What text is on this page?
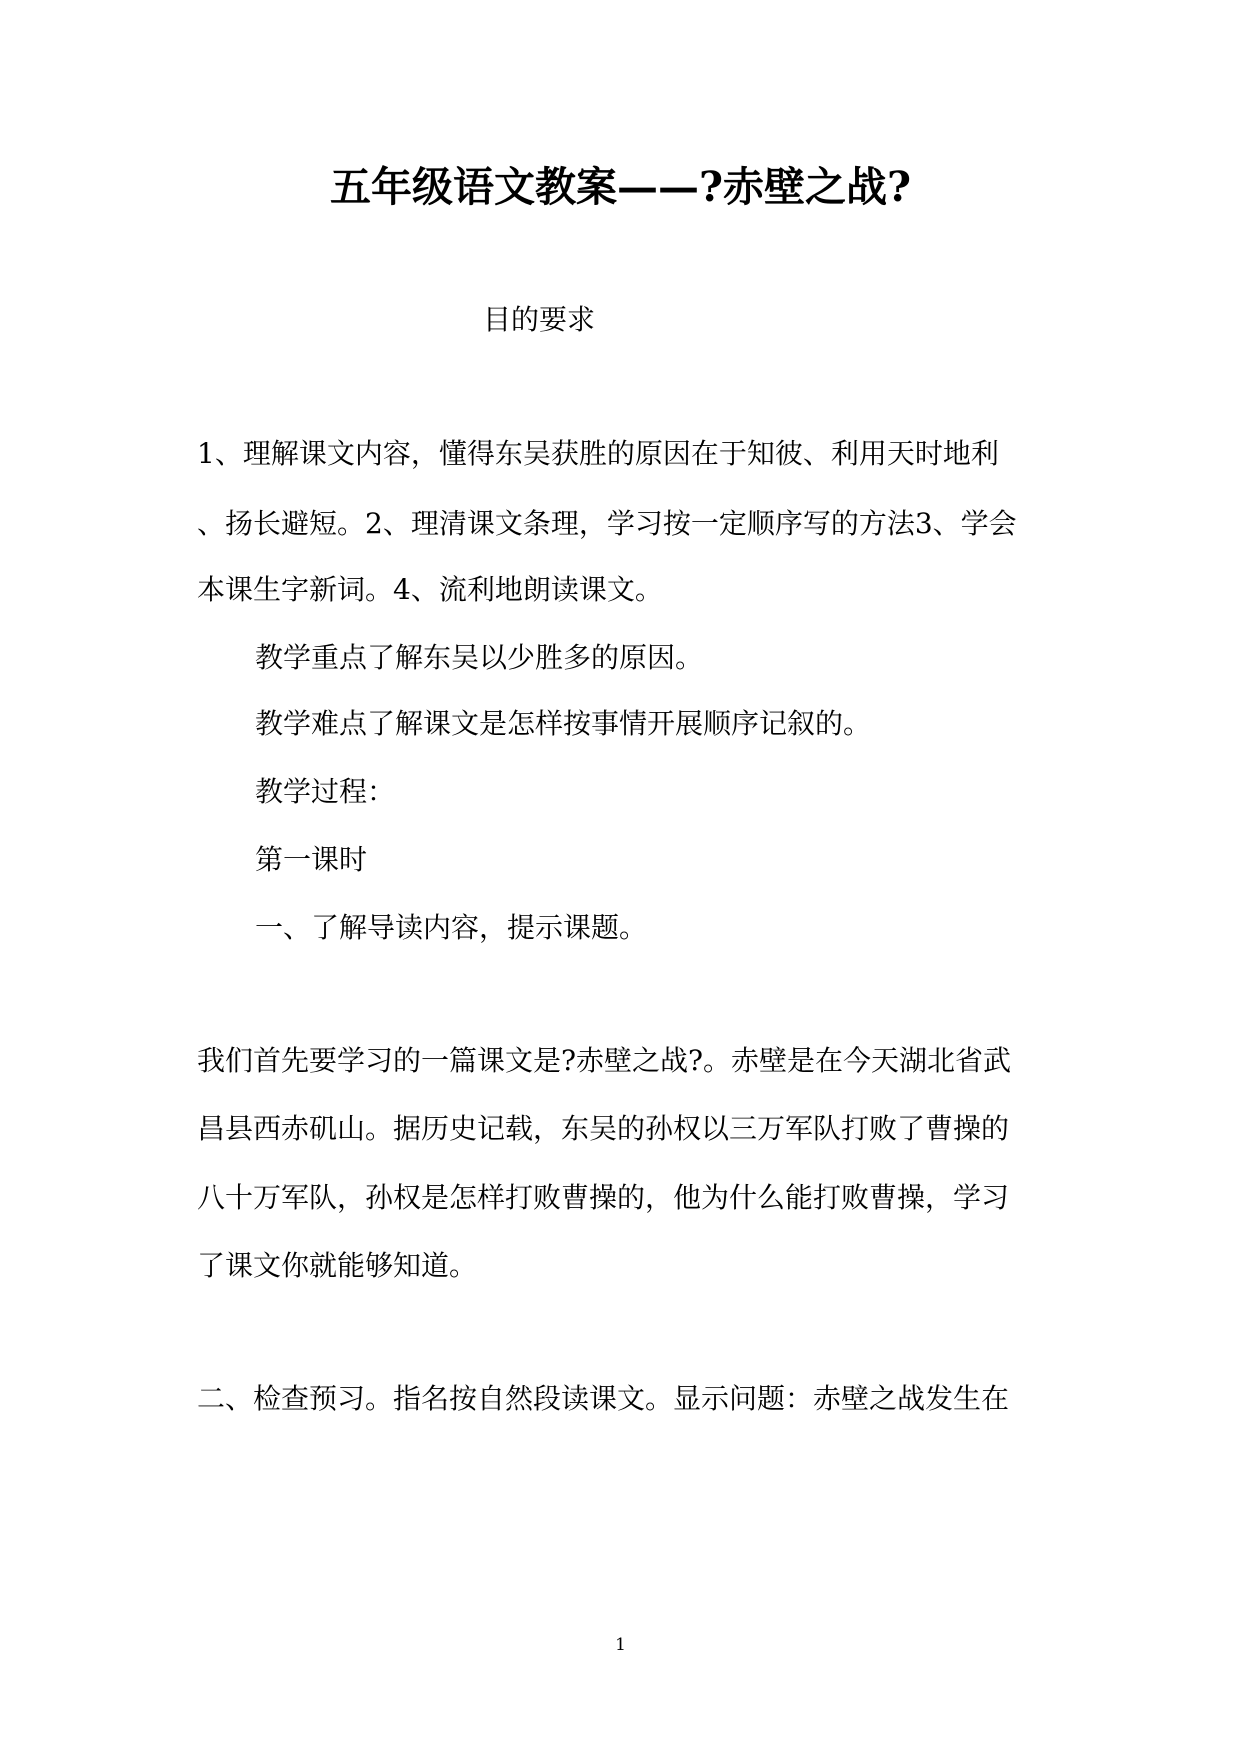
五年级语文教案——?赤壁之战?
目的要求
1、理解课文内容，懂得东吴获胜的原因在于知彼、利用天时地利
、扬长避短。2、理清课文条理，学习按一定顺序写的方法3、学会
本课生字新词。4、流利地朗读课文。
教学重点了解东吴以少胜多的原因。
教学难点了解课文是怎样按事情开展顺序记叙的。
教学过程：
第一课时
一、了解导读内容，提示课题。
我们首先要学习的一篇课文是?赤壁之战?。赤壁是在今天湖北省武
昌县西赤矶山。据历史记载，东吴的孙权以三万军队打败了曹操的
八十万军队，孙权是怎样打败曹操的，他为什么能打败曹操，学习
了课文你就能够知道。
二、检查预习。指名按自然段读课文。显示问题：赤壁之战发生在
1
